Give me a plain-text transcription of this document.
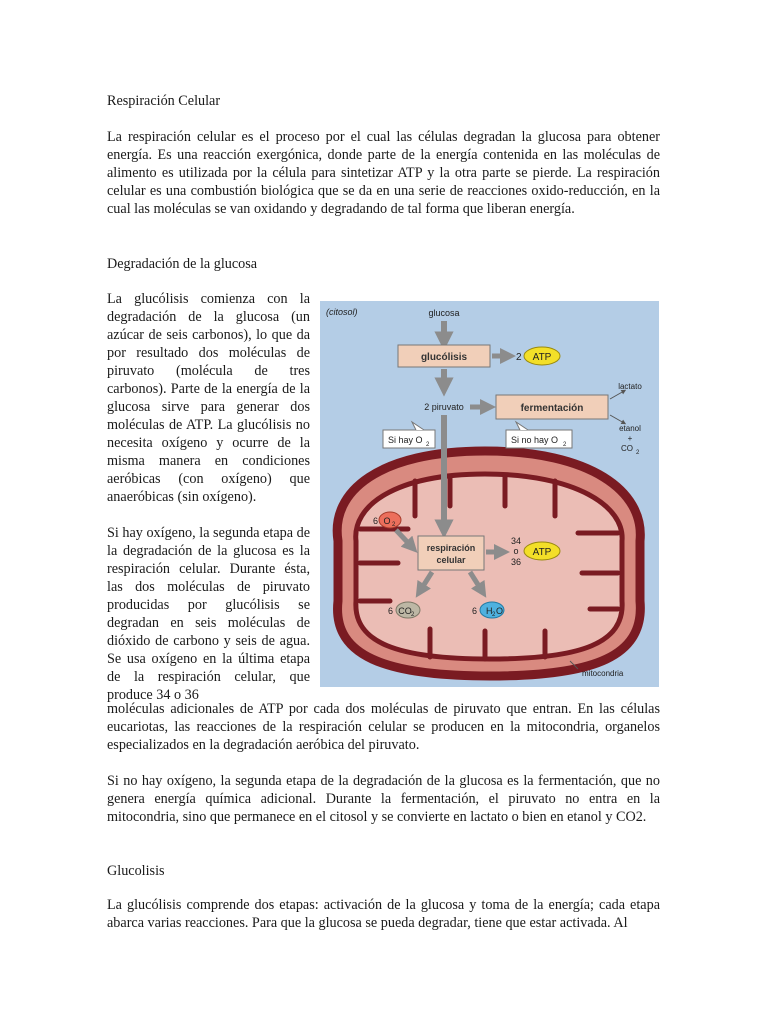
Respiración Celular

La respiración celular es el proceso por el cual las células degradan la glucosa para obtener energía. Es una reacción exergónica, donde parte de la energía contenida en las moléculas de alimento es utilizada por la célula para sintetizar ATP y la otra parte se pierde. La respiración celular es una combustión biológica que se da en una serie de reacciones oxido-reducción, en la cual las moléculas se van oxidando y degradando de tal forma que liberan energía.

Degradación de la glucosa

La glucólisis comienza con la degradación de la glucosa (un azúcar de seis carbonos), lo que da por resultado dos moléculas de piruvato (molécula de tres carbonos). Parte de la energía de la glucosa sirve para generar dos moléculas de ATP. La glucólisis no necesita oxígeno y ocurre de la misma manera en condiciones aeróbicas (con oxígeno) que anaeróbicas (sin oxígeno).

Si hay oxígeno, la segunda etapa de la degradación de la glucosa es la respiración celular. Durante ésta, las dos moléculas de piruvato producidas por glucólisis se degradan en seis moléculas de dióxido de carbono y seis de agua. Se usa oxígeno en la última etapa de la respiración celular, que produce 34 o 36

moléculas adicionales de ATP por cada dos moléculas de piruvato que entran. En las células eucariotas, las reacciones de la respiración celular se producen en la mitocondria, organelos especializados en la degradación aeróbica del piruvato.

Si no hay oxígeno, la segunda etapa de la degradación de la glucosa es la fermentación, que no genera energía química adicional. Durante la fermentación, el piruvato no entra en la mitocondria, sino que permanece en el citosol y se convierte en lactato o bien en etanol y CO2.

Glucolisis

La glucólisis comprende dos etapas: activación de la glucosa y toma de la energía; cada etapa abarca varias reacciones. Para que la glucosa se pueda degradar, tiene que estar activada. Al

(citosol)	glucosa
glucólisis	2 ATP
2 piruvato	fermentación
lactato
etanol
+
CO 2
Si hay O 2	Si no hay O 2
6 O 2
respiración
celular
34
o
36
ATP
6 CO 2	6 H 2 O
mitocondria
